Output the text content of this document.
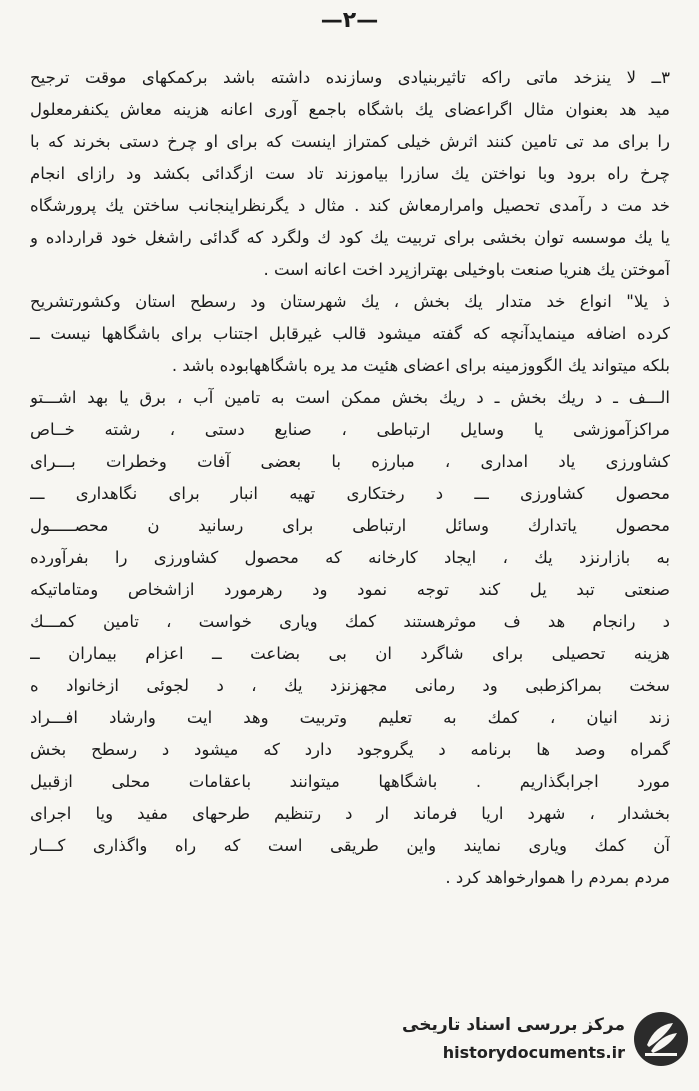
—۲—
۳ــ لا ینزخد ماتی راکه تاثیربنیادی وسازنده داشته باشد برکمکهای موقت ترجیح
مید هد بعنوان مثال اگراعضای یك باشگاه باجمع آوری اعانه هزینه معاش یکنفرمعلول
را برای مد تی تامین کنند اثرش خیلی کمتراز اینست که برای او چرخ دستی بخرند که با
چرخ راه برود وبا نواختن یك سازرا بیاموزند تاد ست ازگدائی بکشد ود رازای انجام
خد مت د رآمدی تحصیل وامرارمعاش کند . مثال د یگرنظراینجانب ساختن یك پرورشگاه
یا یك موسسه توان بخشی برای تربیت یك کود ك ولگرد که گدائی راشغل خود قرارداده و
آموختن یك هنریا صنعت باوخیلی بهترازپرد اخت اعانه است .
ذ یلا" انواع خد متدار یك بخش ، یك شهرستان ود رسطح استان وکشورتشریح
کرده اضافه مینمایدآنچه که گفته میشود قالب غیرقابل اجتناب برای باشگاهها نیست ــ
بلکه میتواند یك الگووزمینه برای اعضای هئیت مد یره باشگاههابوده باشد .
الـــف ـ د ریك بخش ـ د ریك بخش ممکن است به تامین آب ، برق یا بهد اشـــتو
مراکزآموزشی یا وسایل ارتباطی ، صنایع دستی ، رشته خــاص
کشاورزی یاد امداری ، مبارزه با بعضی آفات وخطرات بـــرای
محصول کشاورزی ـــ د رختکاری تهیه انبار برای نگاهداری ـــ
محصول یاتدارك وسائل ارتباطی برای رسانید ن محصـــــول
به بازارنزد یك ، ایجاد کارخانه که محصول کشاورزی را بفرآورده
صنعتی تبد یل کند توجه نمود ود رهرمورد ازاشخاص ومتاماتیکه
د رانجام هد ف موثرهستند کمك ویاری خواست ، تامین کمـــك
هزینه تحصیلی برای شاگرد ان بی بضاعت ــ اعزام بیماران ــ
سخت بمراکزطبی ود رمانی مجهزنزد یك ، د لجوئی ازخانواد ه
زند انیان ، کمك به تعلیم وتربیت وهد ایت وارشاد افـــراد
گمراه وصد ها برنامه د یگروجود دارد که میشود د رسطح بخش
مورد اجرابگذاریم . باشگاهها میتوانند باعقامات محلی ازقبیل
بخشدار ، شهرد اریا فرماند ار د رتنظیم طرحهای مفید ویا اجرای
آن کمك ویاری نمایند واین طریقی است که راه واگذاری کـــار
مردم بمردم را هموارخواهد کرد .
مرکز بررسی اسناد تاریخی
historydocuments.ir
